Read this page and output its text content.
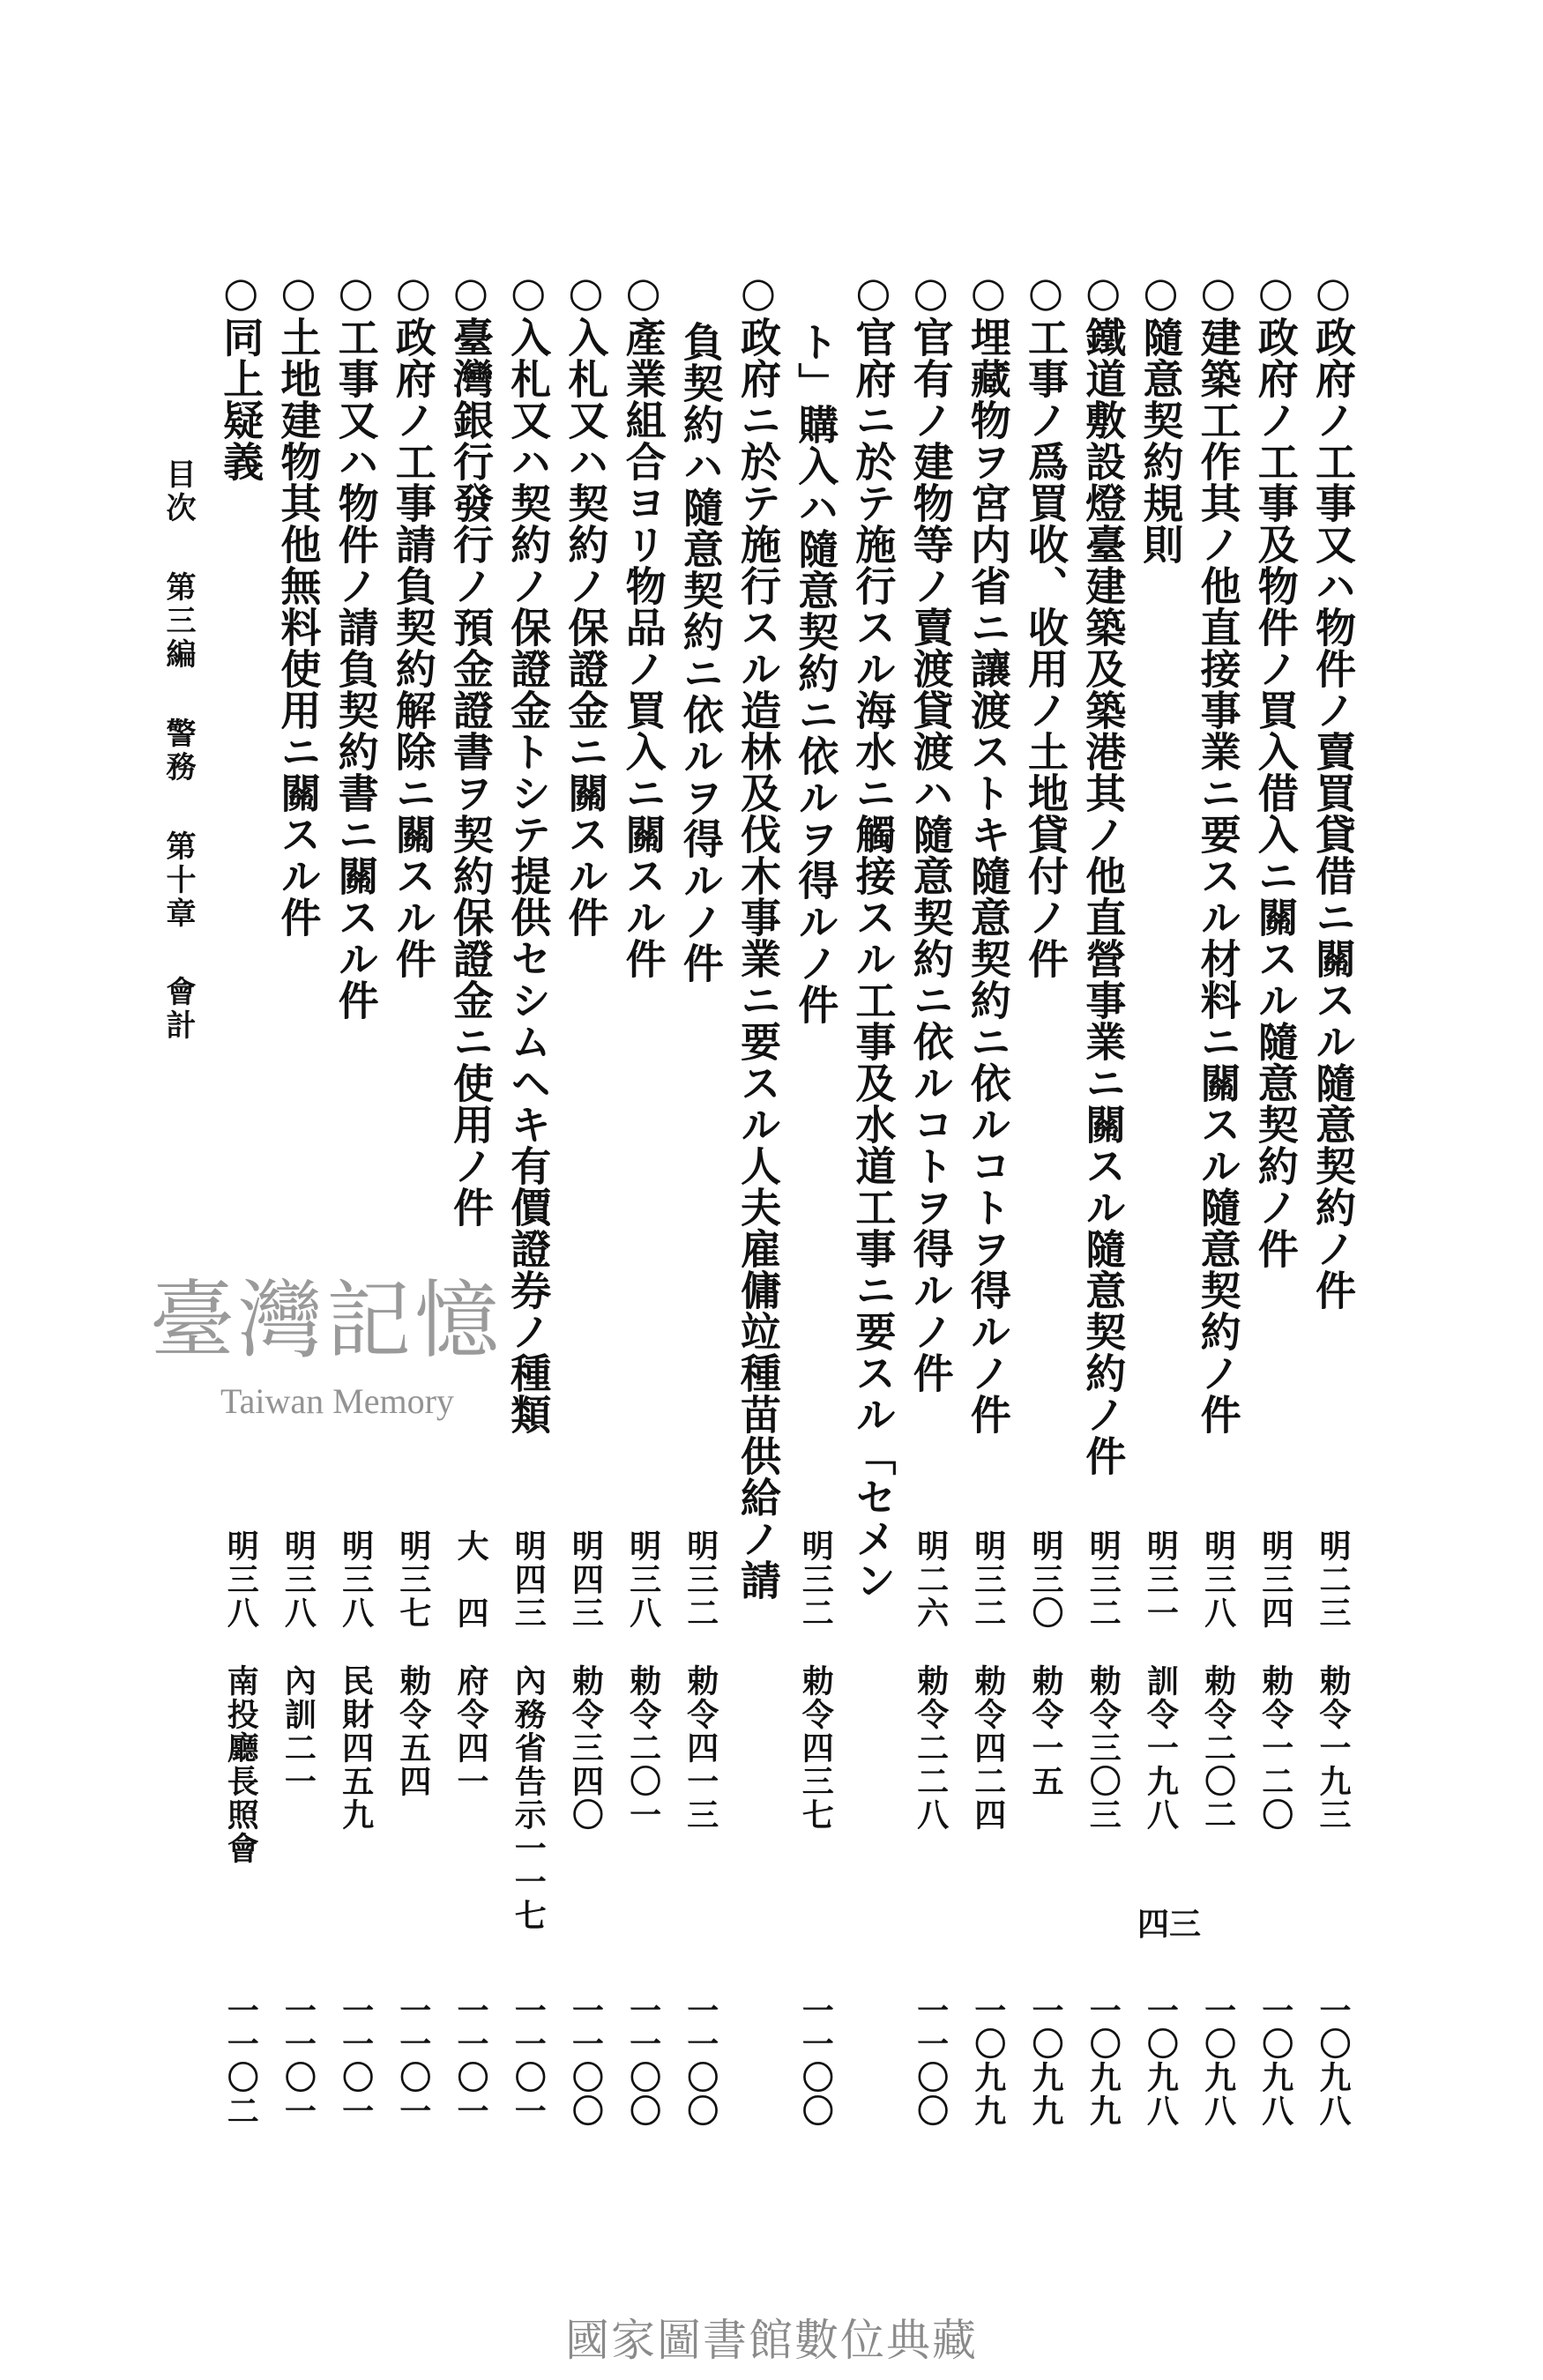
○政府ノ工事又ハ物件ノ賣買貸借ニ關スル隨意契約ノ件
明二三
勅令一九三
一〇九八
○政府ノ工事及物件ノ買入借入ニ關スル隨意契約ノ件
明三四
勅令一二〇
一〇九八
○建築工作其ノ他直接事業ニ要スル材料ニ關スル隨意契約ノ件
明三八
勅令二〇二
一〇九八
○隨意契約規則
明三一
訓令一九八
一〇九八
○鐵道敷設燈臺建築及築港其ノ他直營事業ニ關スル隨意契約ノ件
明三二
勅令三〇三
一〇九九
○工事ノ爲買收、收用ノ土地貸付ノ件
明三〇
勅令一五
一〇九九
○埋藏物ヲ宮内省ニ讓渡ストキ隨意契約ニ依ルコトヲ得ルノ件
明三二
勅令四二四
一〇九九
○官有ノ建物等ノ賣渡貸渡ハ隨意契約ニ依ルコトヲ得ルノ件
明二六
勅令二二八
一一〇〇
○官府ニ於テ施行スル海水ニ觸接スル工事及水道工事ニ要スル「セメン
ト」購入ハ隨意契約ニ依ルヲ得ルノ件
明三二
勅令四三七
一一〇〇
○政府ニ於テ施行スル造林及伐木事業ニ要スル人夫雇傭竝種苗供給ノ請
負契約ハ隨意契約ニ依ルヲ得ルノ件
明三二
勅令四一三
一一〇〇
○產業組合ヨリ物品ノ買入ニ關スル件
明三八
勅令二〇一
一一〇〇
○入札又ハ契約ノ保證金ニ關スル件
明四三
勅令三四〇
一一〇〇
○入札又ハ契約ノ保證金トシテ提供セシムヘキ有價證券ノ種類
明四三
內務省告示一一七
一一〇一
○臺灣銀行發行ノ預金證書ヲ契約保證金ニ使用ノ件
大　四
府令四一
一一〇一
○政府ノ工事請負契約解除ニ關スル件
明三七
勅令五四
一一〇一
○工事又ハ物件ノ請負契約書ニ關スル件
明三八
民財四五九
一一〇一
○土地建物其他無料使用ニ關スル件
明三八
內訓二一
一一〇一
○同上疑義
明三八
南投廳長照會
一一〇二
目次 第三編 警務 第十章 會計
四三
臺灣記憶
Taiwan Memory
國家圖書館數位典藏
